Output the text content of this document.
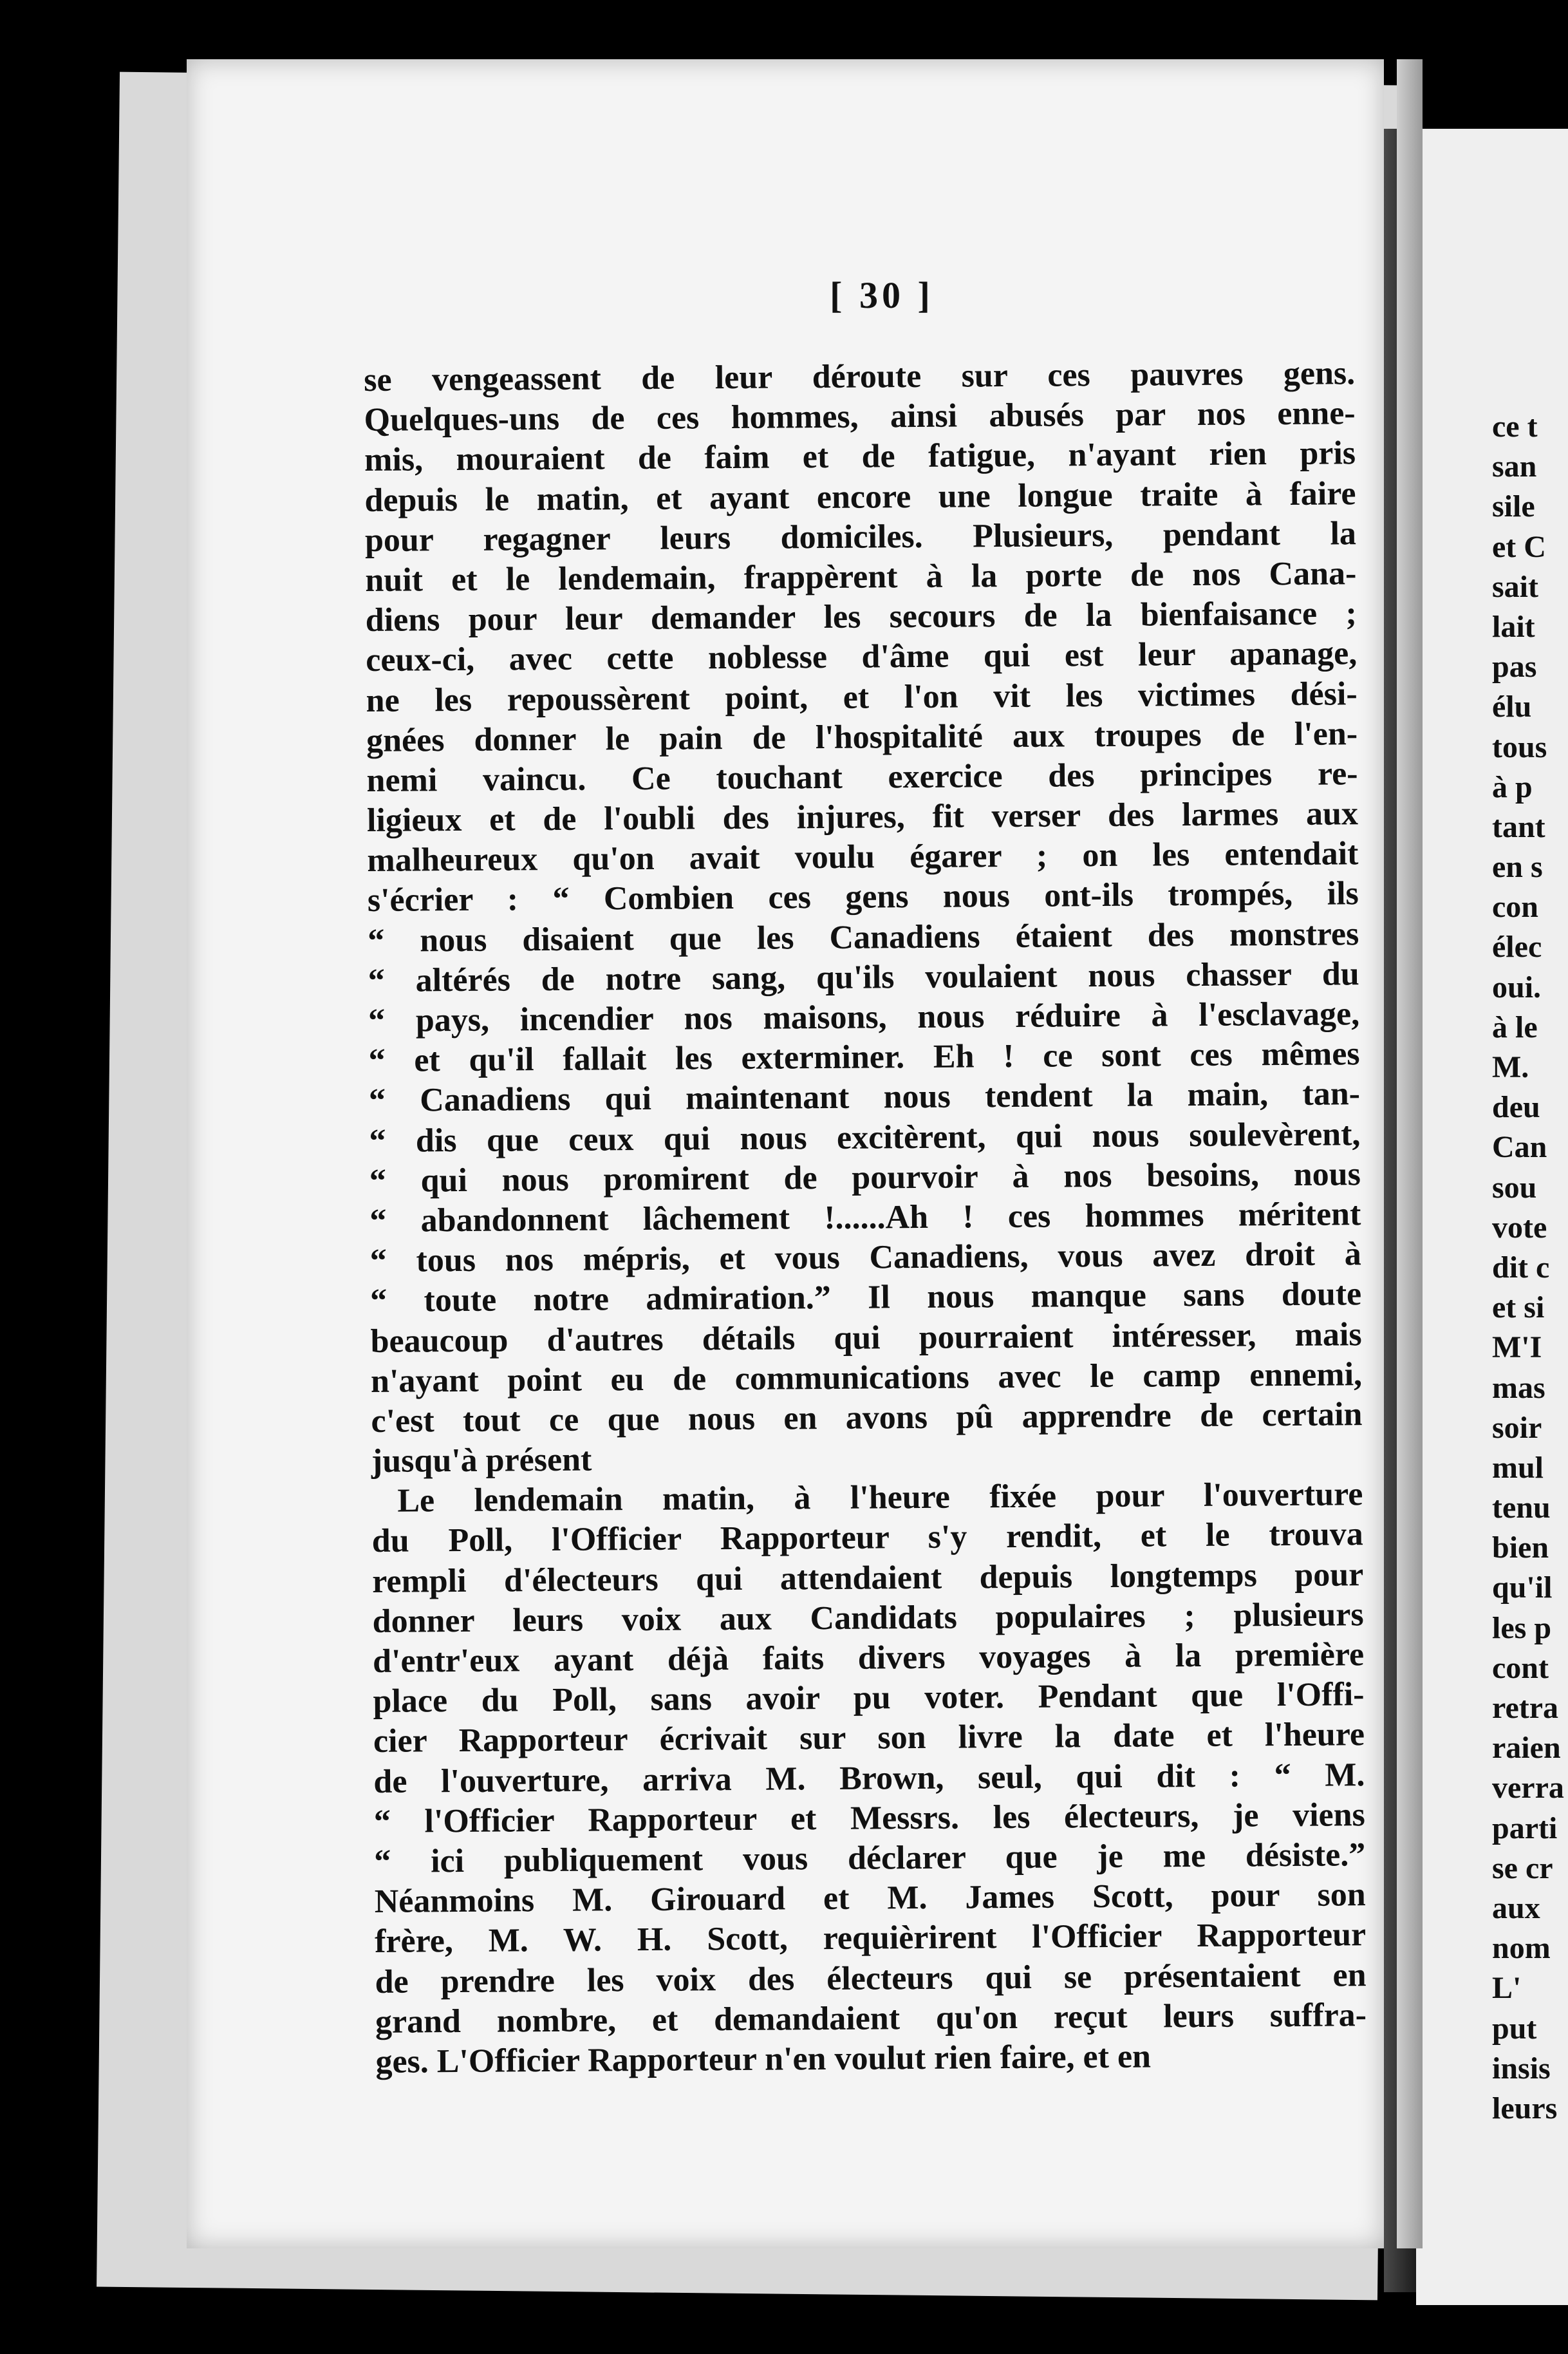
[ 30 ]
se vengeassent de leur déroute sur ces pauvres gens.
Quelques-uns de ces hommes, ainsi abusés par nos enne-
mis, mouraient de faim et de fatigue, n'ayant rien pris
depuis le matin, et ayant encore une longue traite à faire
pour regagner leurs domiciles. Plusieurs, pendant la
nuit et le lendemain, frappèrent à la porte de nos Cana-
diens pour leur demander les secours de la bienfaisance ;
ceux-ci, avec cette noblesse d'âme qui est leur apanage,
ne les repoussèrent point, et l'on vit les victimes dési-
gnées donner le pain de l'hospitalité aux troupes de l'en-
nemi vaincu. Ce touchant exercice des principes re-
ligieux et de l'oubli des injures, fit verser des larmes aux
malheureux qu'on avait voulu égarer ; on les entendait
s'écrier : “ Combien ces gens nous ont-ils trompés, ils
“ nous disaient que les Canadiens étaient des monstres
“ altérés de notre sang, qu'ils voulaient nous chasser du
“ pays, incendier nos maisons, nous réduire à l'esclavage,
“ et qu'il fallait les exterminer. Eh ! ce sont ces mêmes
“ Canadiens qui maintenant nous tendent la main, tan-
“ dis que ceux qui nous excitèrent, qui nous soulevèrent,
“ qui nous promirent de pourvoir à nos besoins, nous
“ abandonnent lâchement !......Ah ! ces hommes méritent
“ tous nos mépris, et vous Canadiens, vous avez droit à
“ toute notre admiration.” Il nous manque sans doute
beaucoup d'autres détails qui pourraient intéresser, mais
n'ayant point eu de communications avec le camp ennemi,
c'est tout ce que nous en avons pû apprendre de certain
jusqu'à présent
Le lendemain matin, à l'heure fixée pour l'ouverture
du Poll, l'Officier Rapporteur s'y rendit, et le trouva
rempli d'électeurs qui attendaient depuis longtemps pour
donner leurs voix aux Candidats populaires ; plusieurs
d'entr'eux ayant déjà faits divers voyages à la première
place du Poll, sans avoir pu voter. Pendant que l'Offi-
cier Rapporteur écrivait sur son livre la date et l'heure
de l'ouverture, arriva M. Brown, seul, qui dit : “ M.
“ l'Officier Rapporteur et Messrs. les électeurs, je viens
“ ici publiquement vous déclarer que je me désiste.”
Néanmoins M. Girouard et M. James Scott, pour son
frère, M. W. H. Scott, requièrirent l'Officier Rapporteur
de prendre les voix des électeurs qui se présentaient en
grand nombre, et demandaient qu'on reçut leurs suffra-
ges. L'Officier Rapporteur n'en voulut rien faire, et en
ce t
san
sile
et C
sait
lait
pas
élu
tous
à p
tant
en s
con
élec
oui.
à le
M.
deu
Can
sou
vote
dit c
et si
M'I
mas
soir
mul
tenu
bien
qu'il
les p
cont
retra
raien
verra
parti
se cr
aux
nom
L'
put
insis
leurs
